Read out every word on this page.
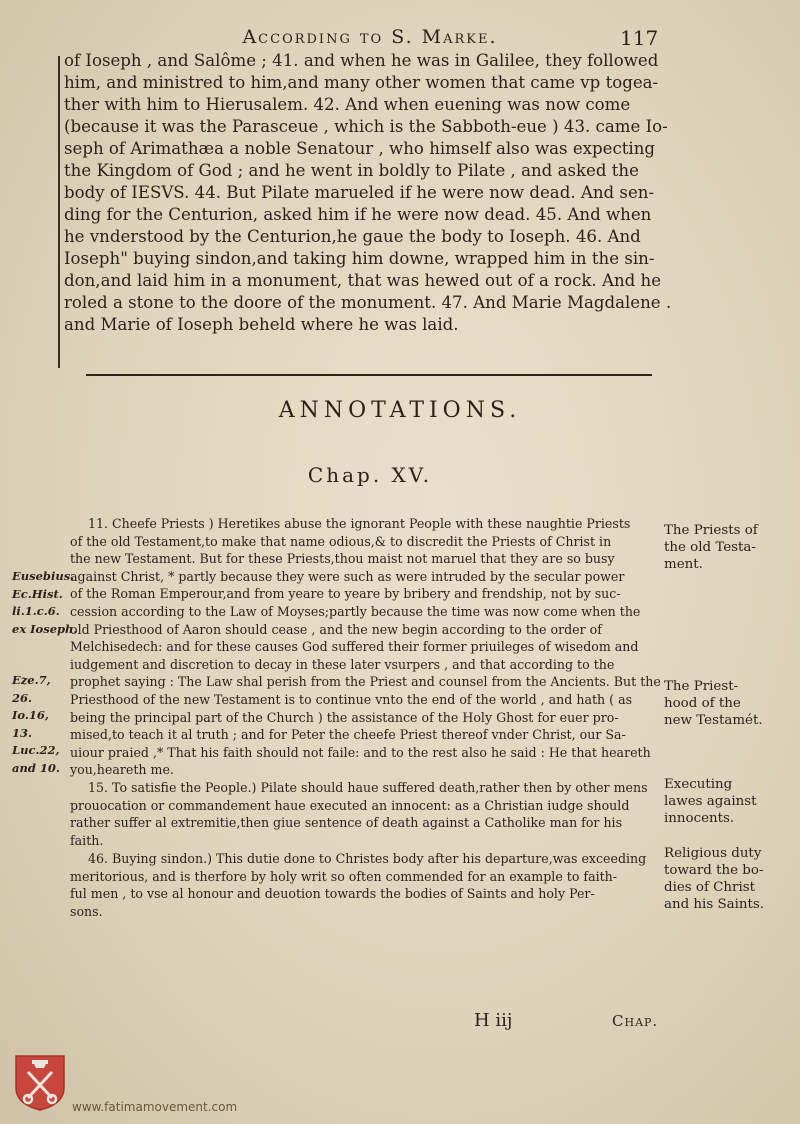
According to S. Marke.	117
of Ioseph , and Salôme ; 41. and when he was in Galilee, they followed
him, and ministred to him,and many other women that came vp togea-
ther with him to Hierusalem. 42. And when euening was now come
(because it was the Parasceue , which is the Sabboth-eue ) 43. came Io-
seph of Arimathæa a noble Senatour , who himself also was expecting
the Kingdom of God ; and he went in boldly to Pilate , and asked the
body of IESVS. 44. But Pilate marueled if he were now dead. And sen-
ding for the Centurion, asked him if he were now dead. 45. And when
he vnderstood by the Centurion,he gaue the body to Ioseph. 46. And
Ioseph" buying sindon,and taking him downe, wrapped him in the sin-
don,and laid him in a monument, that was hewed out of a rock. And he
roled a stone to the doore of the monument. 47. And Marie Magdalene .
and Marie of Ioseph beheld where he was laid.
ANNOTATIONS.
Chap. XV.
11. Cheefe Priests ) Heretikes abuse the ignorant People with these naughtie Priests
of the old Testament,to make that name odious,& to discredit the Priests of Christ in
the new Testament. But for these Priests,thou maist not maruel that they are so busy
against Christ, * partly because they were such as were intruded by the secular power
of the Roman Emperour,and from yeare to yeare by bribery and frendship, not by suc-
cession according to the Law of Moyses;partly because the time was now come when the
old Priesthood of Aaron should cease , and the new begin according to the order of
Melchisedech: and for these causes God suffered their former priuileges of wisedom and
iudgement and discretion to decay in these later vsurpers , and that according to the
prophet saying : The Law shal perish from the Priest and counsel from the Ancients. But the
Priesthood of the new Testament is to continue vnto the end of the world , and hath ( as
being the principal part of the Church ) the assistance of the Holy Ghost for euer pro-
mised,to teach it al truth ; and for Peter the cheefe Priest thereof vnder Christ, our Sa-
uiour praied ,* That his faith should not faile: and to the rest also he said : He that heareth
you,heareth me.
15. To satisfie the People.) Pilate should haue suffered death,rather then by other mens
prouocation or commandement haue executed an innocent: as a Christian iudge should
rather suffer al extremitie,then giue sentence of death against a Catholike man for his
faith.
46. Buying sindon.) This dutie done to Christes body after his departure,was exceeding
meritorious, and is therfore by holy writ so often commended for an example to faith-
ful men , to vse al honour and deuotion towards the bodies of Saints and holy Per-
sons.
Eusebius.
Ec.Hist.
li.1.c.6.
ex Ioseph.
Eze.7,
26.
Io.16,
13.
Luc.22,
and 10.
The Priests of
the old Testa-
ment.
The Priest-
hood of the
new Testamét.
Executing
lawes against
innocents.
Religious duty
toward the bo-
dies of Christ
and his Saints.
H iij	Chap.
www.fatimamovement.com
